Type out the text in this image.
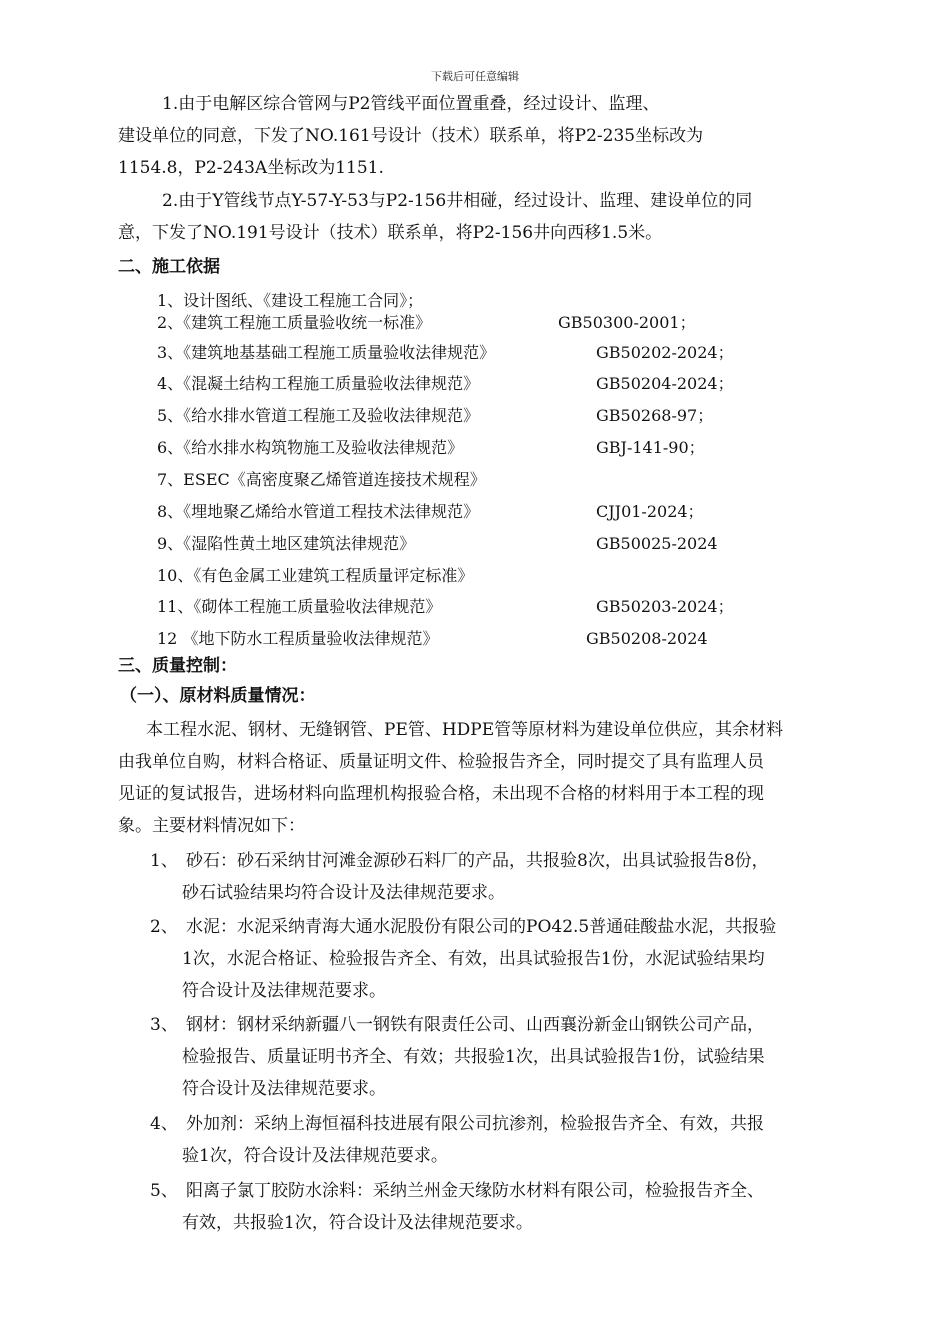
下载后可任意编辑
1.由于电解区综合管网与P2管线平面位置重叠，经过设计、监理、
建设单位的同意，下发了NO.161号设计（技术）联系单，将P2-235坐标改为
1154.8，P2-243A坐标改为1151.
2.由于Y管线节点Y-57-Y-53与P2-156井相碰，经过设计、监理、建设单位的同
意，下发了NO.191号设计（技术）联系单，将P2-156井向西移1.5米。
二、施工依据
1、设计图纸、《建设工程施工合同》；
2、《建筑工程施工质量验收统一标准》	GB50300-2001；
3、《建筑地基基础工程施工质量验收法律规范》	GB50202-2024；
4、《混凝土结构工程施工质量验收法律规范》	GB50204-2024；
5、《给水排水管道工程施工及验收法律规范》	GB50268-97；
6、《给水排水构筑物施工及验收法律规范》	GBJ-141-90；
7、ESEC《高密度聚乙烯管道连接技术规程》
8、《埋地聚乙烯给水管道工程技术法律规范》	CJJ01-2024；
9、《湿陷性黄土地区建筑法律规范》	GB50025-2024
10、《有色金属工业建筑工程质量评定标准》
11、《砌体工程施工质量验收法律规范》	GB50203-2024；
12 《地下防水工程质量验收法律规范》	GB50208-2024
三、质量控制：
（一）、原材料质量情况：
本工程水泥、钢材、无缝钢管、PE管、HDPE管等原材料为建设单位供应，其余材料
由我单位自购，材料合格证、质量证明文件、检验报告齐全，同时提交了具有监理人员
见证的复试报告，进场材料向监理机构报验合格，未出现不合格的材料用于本工程的现
象。主要材料情况如下：
1、 砂石：砂石采纳甘河滩金源砂石料厂的产品，共报验8次，出具试验报告8份，
砂石试验结果均符合设计及法律规范要求。
2、 水泥：水泥采纳青海大通水泥股份有限公司的PO42.5普通硅酸盐水泥，共报验
1次，水泥合格证、检验报告齐全、有效，出具试验报告1份，水泥试验结果均
符合设计及法律规范要求。
3、 钢材：钢材采纳新疆八一钢铁有限责任公司、山西襄汾新金山钢铁公司产品，
检验报告、质量证明书齐全、有效；共报验1次，出具试验报告1份，试验结果
符合设计及法律规范要求。
4、 外加剂：采纳上海恒福科技进展有限公司抗渗剂，检验报告齐全、有效，共报
验1次，符合设计及法律规范要求。
5、 阳离子氯丁胶防水涂料：采纳兰州金天缘防水材料有限公司，检验报告齐全、
有效，共报验1次，符合设计及法律规范要求。
